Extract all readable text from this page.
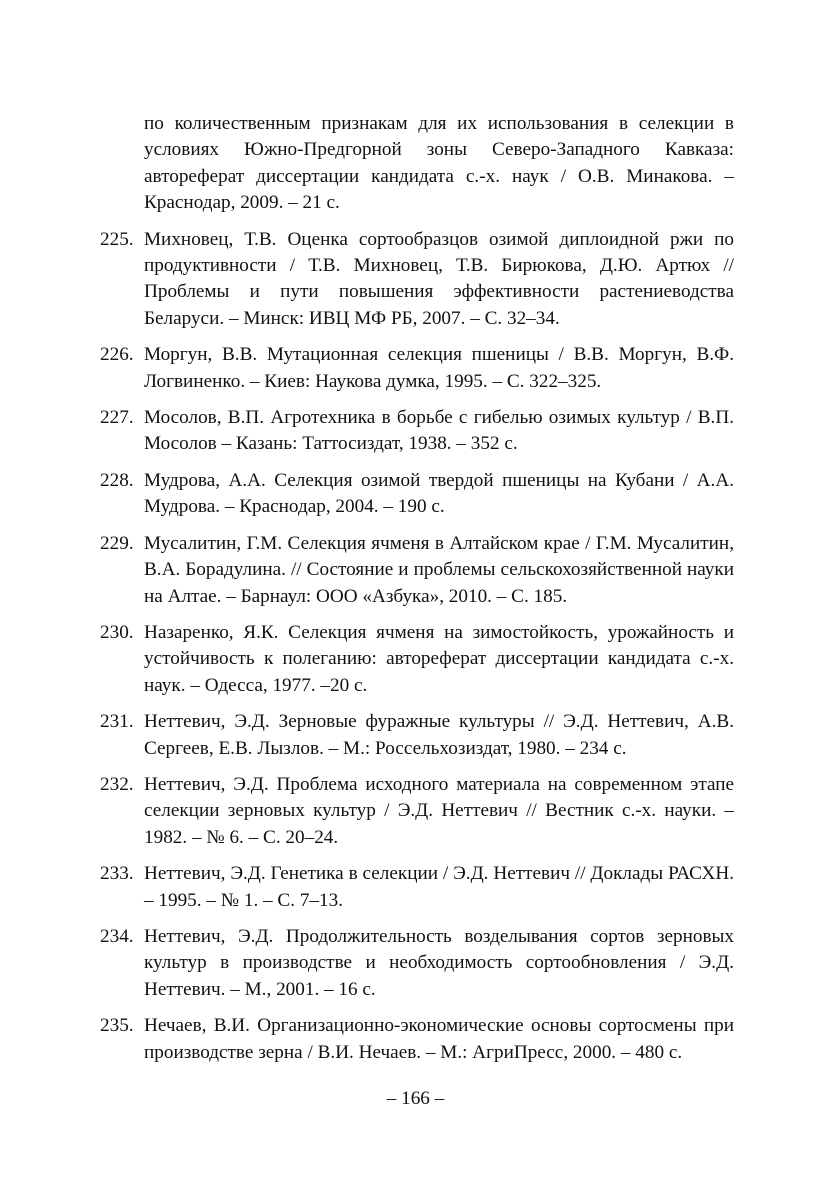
по количественным признакам для их использования в селекции в условиях Южно-Предгорной зоны Северо-Западного Кавказа: автореферат диссертации кандидата с.-х. наук / О.В. Минакова. – Краснодар, 2009. – 21 с.
225. Михновец, Т.В. Оценка сортообразцов озимой диплоидной ржи по продуктивности / Т.В. Михновец, Т.В. Бирюкова, Д.Ю. Артюх // Проблемы и пути повышения эффективности растениеводства Беларуси. – Минск: ИВЦ МФ РБ, 2007. – С. 32–34.
226. Моргун, В.В. Мутационная селекция пшеницы / В.В. Моргун, В.Ф. Логвиненко. – Киев: Наукова думка, 1995. – С. 322–325.
227. Мосолов, В.П. Агротехника в борьбе с гибелью озимых культур / В.П. Мосолов – Казань: Таттосиздат, 1938. – 352 с.
228. Мудрова, А.А. Селекция озимой твердой пшеницы на Кубани / А.А. Мудрова. – Краснодар, 2004. – 190 с.
229. Мусалитин, Г.М. Селекция ячменя в Алтайском крае / Г.М. Мусалитин, В.А. Борадулина. // Состояние и проблемы сельскохозяйственной науки на Алтае. – Барнаул: ООО «Азбука», 2010. – С. 185.
230. Назаренко, Я.К. Селекция ячменя на зимостойкость, урожайность и устойчивость к полеганию: автореферат диссертации кандидата с.-х. наук. – Одесса, 1977. –20 с.
231. Неттевич, Э.Д. Зерновые фуражные культуры // Э.Д. Неттевич, А.В. Сергеев, Е.В. Лызлов. – М.: Россельхозиздат, 1980. – 234 с.
232. Неттевич, Э.Д. Проблема исходного материала на современном этапе селекции зерновых культур / Э.Д. Неттевич // Вестник с.-х. науки. – 1982. – № 6. – С. 20–24.
233. Неттевич, Э.Д. Генетика в селекции / Э.Д. Неттевич // Доклады РАСХН. – 1995. – № 1. – С. 7–13.
234. Неттевич, Э.Д. Продолжительность возделывания сортов зерновых культур в производстве и необходимость сортообновления / Э.Д. Неттевич. – М., 2001. – 16 с.
235. Нечаев, В.И. Организационно-экономические основы сортосмены при производстве зерна / В.И. Нечаев. – М.: АгриПресс, 2000. – 480 с.
– 166 –
